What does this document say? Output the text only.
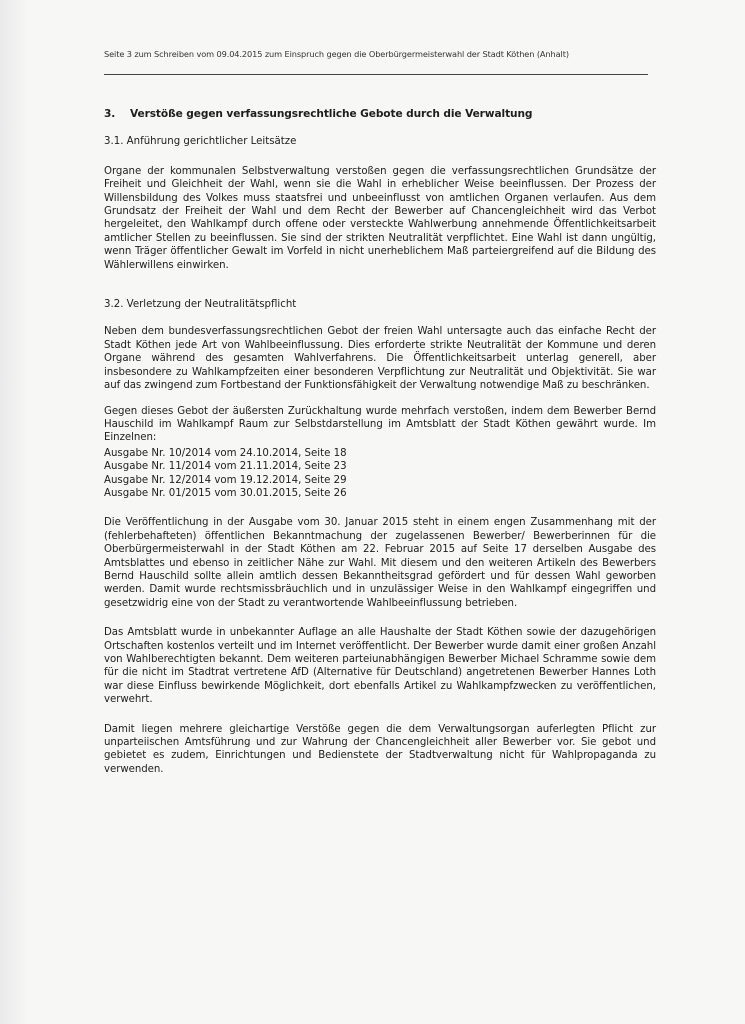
Seite 3 zum Schreiben vom 09.04.2015 zum Einspruch gegen die Oberbürgermeisterwahl der Stadt Köthen (Anhalt)
3. Verstöße gegen verfassungsrechtliche Gebote durch die Verwaltung
3.1. Anführung gerichtlicher Leitsätze

Organe der kommunalen Selbstverwaltung verstoßen gegen die verfassungsrechtlichen Grundsätze der Freiheit und Gleichheit der Wahl, wenn sie die Wahl in erheblicher Weise beeinflussen. Der Prozess der Willensbildung des Volkes muss staatsfrei und unbeeinflusst von amtlichen Organen verlaufen. Aus dem Grundsatz der Freiheit der Wahl und dem Recht der Bewerber auf Chancengleichheit wird das Verbot hergeleitet, den Wahlkampf durch offene oder versteckte Wahlwerbung annehmende Öffentlichkeitsarbeit amtlicher Stellen zu beeinflussen. Sie sind der strikten Neutralität verpflichtet. Eine Wahl ist dann ungültig, wenn Träger öffentlicher Gewalt im Vorfeld in nicht unerheblichem Maß parteiergreifend auf die Bildung des Wählerwillens einwirken.

3.2. Verletzung der Neutralitätspflicht

Neben dem bundesverfassungsrechtlichen Gebot der freien Wahl untersagte auch das einfache Recht der Stadt Köthen jede Art von Wahlbeeinflussung. Dies erforderte strikte Neutralität der Kommune und deren Organe während des gesamten Wahlverfahrens. Die Öffentlichkeitsarbeit unterlag generell, aber insbesondere zu Wahlkampfzeiten einer besonderen Verpflichtung zur Neutralität und Objektivität. Sie war auf das zwingend zum Fortbestand der Funktionsfähigkeit der Verwaltung notwendige Maß zu beschränken.

Gegen dieses Gebot der äußersten Zurückhaltung wurde mehrfach verstoßen, indem dem Bewerber Bernd Hauschild im Wahlkampf Raum zur Selbstdarstellung im Amtsblatt der Stadt Köthen gewährt wurde. Im Einzelnen:

Ausgabe Nr. 10/2014 vom 24.10.2014, Seite 18
Ausgabe Nr. 11/2014 vom 21.11.2014, Seite 23
Ausgabe Nr. 12/2014 vom 19.12.2014, Seite 29
Ausgabe Nr. 01/2015 vom 30.01.2015, Seite 26

Die Veröffentlichung in der Ausgabe vom 30. Januar 2015 steht in einem engen Zusammenhang mit der (fehlerbehafteten) öffentlichen Bekanntmachung der zugelassenen Bewerber/ Bewerberinnen für die Oberbürgermeisterwahl in der Stadt Köthen am 22. Februar 2015 auf Seite 17 derselben Ausgabe des Amtsblattes und ebenso in zeitlicher Nähe zur Wahl. Mit diesem und den weiteren Artikeln des Bewerbers Bernd Hauschild sollte allein amtlich dessen Bekanntheitsgrad gefördert und für dessen Wahl geworben werden. Damit wurde rechtsmissbräuchlich und in unzulässiger Weise in den Wahlkampf eingegriffen und gesetzwidrig eine von der Stadt zu verantwortende Wahlbeeinflussung betrieben.

Das Amtsblatt wurde in unbekannter Auflage an alle Haushalte der Stadt Köthen sowie der dazugehörigen Ortschaften kostenlos verteilt und im Internet veröffentlicht. Der Bewerber wurde damit einer großen Anzahl von Wahlberechtigten bekannt. Dem weiteren parteiunabhängigen Bewerber Michael Schramme sowie dem für die nicht im Stadtrat vertretene AfD (Alternative für Deutschland) angetretenen Bewerber Hannes Loth war diese Einfluss bewirkende Möglichkeit, dort ebenfalls Artikel zu Wahlkampfzwecken zu veröffentlichen, verwehrt.

Damit liegen mehrere gleichartige Verstöße gegen die dem Verwaltungsorgan auferlegten Pflicht zur unparteiischen Amtsführung und zur Wahrung der Chancengleichheit aller Bewerber vor. Sie gebot und gebietet es zudem, Einrichtungen und Bedienstete der Stadtverwaltung nicht für Wahlpropaganda zu verwenden.
